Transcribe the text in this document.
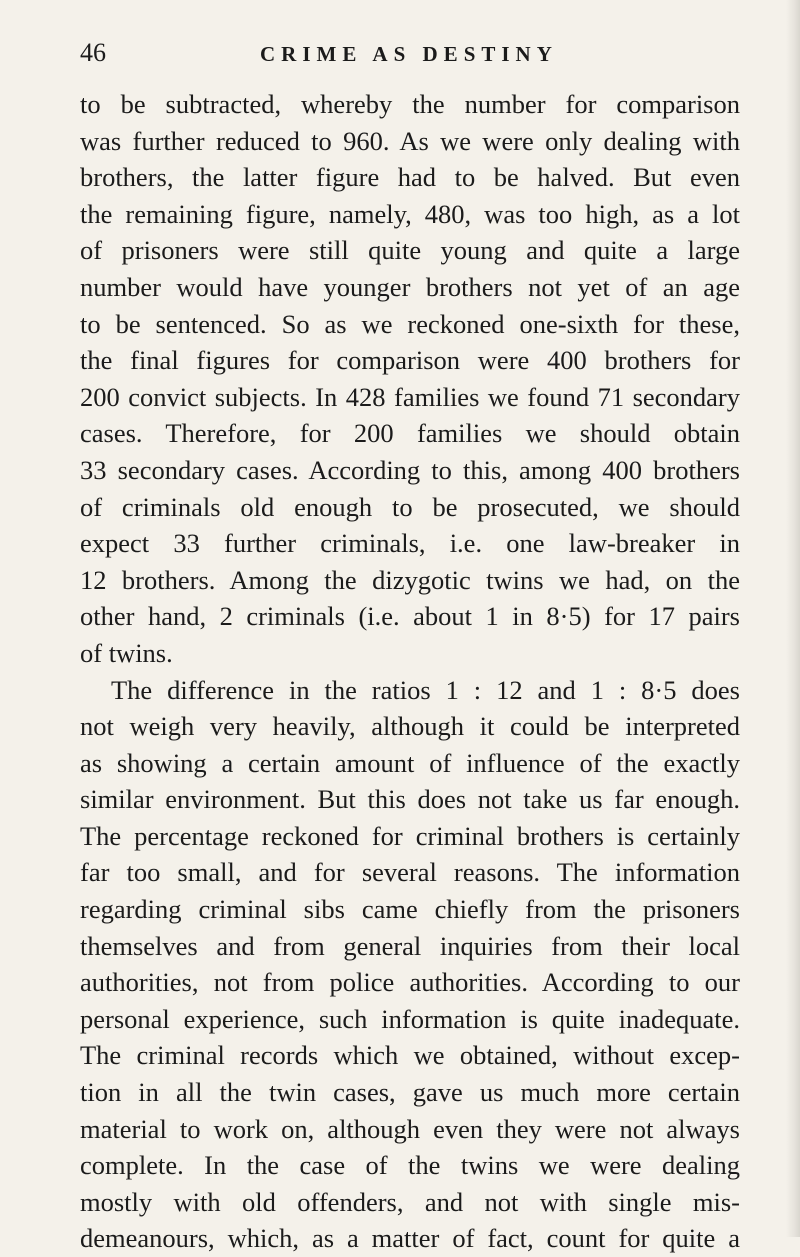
46	CRIME AS DESTINY
to be subtracted, whereby the number for comparison
was further reduced to 960. As we were only dealing with
brothers, the latter figure had to be halved. But even
the remaining figure, namely, 480, was too high, as a lot
of prisoners were still quite young and quite a large
number would have younger brothers not yet of an age
to be sentenced. So as we reckoned one-sixth for these,
the final figures for comparison were 400 brothers for
200 convict subjects. In 428 families we found 71 secondary
cases. Therefore, for 200 families we should obtain
33 secondary cases. According to this, among 400 brothers
of criminals old enough to be prosecuted, we should
expect 33 further criminals, i.e. one law-breaker in
12 brothers. Among the dizygotic twins we had, on the
other hand, 2 criminals (i.e. about 1 in 8·5) for 17 pairs
of twins.
The difference in the ratios 1 : 12 and 1 : 8·5 does
not weigh very heavily, although it could be interpreted
as showing a certain amount of influence of the exactly
similar environment. But this does not take us far enough.
The percentage reckoned for criminal brothers is certainly
far too small, and for several reasons. The information
regarding criminal sibs came chiefly from the prisoners
themselves and from general inquiries from their local
authorities, not from police authorities. According to our
personal experience, such information is quite inadequate.
The criminal records which we obtained, without excep-
tion in all the twin cases, gave us much more certain
material to work on, although even they were not always
complete. In the case of the twins we were dealing
mostly with old offenders, and not with single mis-
demeanours, which, as a matter of fact, count for quite a
